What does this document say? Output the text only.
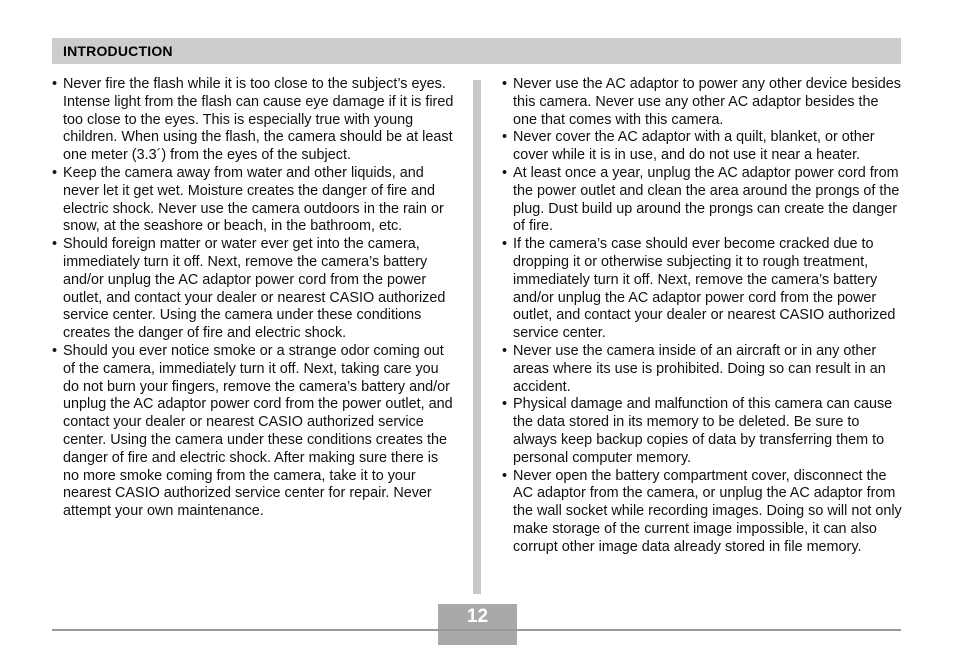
INTRODUCTION
• Never fire the flash while it is too close to the subject’s eyes. Intense light from the flash can cause eye damage if it is fired too close to the eyes. This is especially true with young children. When using the flash, the camera should be at least one meter (3.3´) from the eyes of the subject.
• Keep the camera away from water and other liquids, and never let it get wet. Moisture creates the danger of fire and electric shock. Never use the camera outdoors in the rain or snow, at the seashore or beach, in the bathroom, etc.
• Should foreign matter or water ever get into the camera, immediately turn it off. Next, remove the camera’s battery and/or unplug the AC adaptor power cord from the power outlet, and contact your dealer or nearest CASIO authorized service center. Using the camera under these conditions creates the danger of fire and electric shock.
• Should you ever notice smoke or a strange odor coming out of the camera, immediately turn it off. Next, taking care you do not burn your fingers, remove the camera’s battery and/or unplug the AC adaptor power cord from the power outlet, and contact your dealer or nearest CASIO authorized service center. Using the camera under these conditions creates the danger of fire and electric shock. After making sure there is no more smoke coming from the camera, take it to your nearest CASIO authorized service center for repair. Never attempt your own maintenance.
• Never use the AC adaptor to power any other device besides this camera. Never use any other AC adaptor besides the one that comes with this camera.
• Never cover the AC adaptor with a quilt, blanket, or other cover while it is in use, and do not use it near a heater.
• At least once a year, unplug the AC adaptor power cord from the power outlet and clean the area around the prongs of the plug. Dust build up around the prongs can create the danger of fire.
• If the camera’s case should ever become cracked due to dropping it or otherwise subjecting it to rough treatment, immediately turn it off. Next, remove the camera’s battery and/or unplug the AC adaptor power cord from the power outlet, and contact your dealer or nearest CASIO authorized service center.
• Never use the camera inside of an aircraft or in any other areas where its use is prohibited. Doing so can result in an accident.
• Physical damage and malfunction of this camera can cause the data stored in its memory to be deleted. Be sure to always keep backup copies of data by transferring them to personal computer memory.
• Never open the battery compartment cover, disconnect the AC adaptor from the camera, or unplug the AC adaptor from the wall socket while recording images. Doing so will not only make storage of the current image impossible, it can also corrupt other image data already stored in file memory.
12
